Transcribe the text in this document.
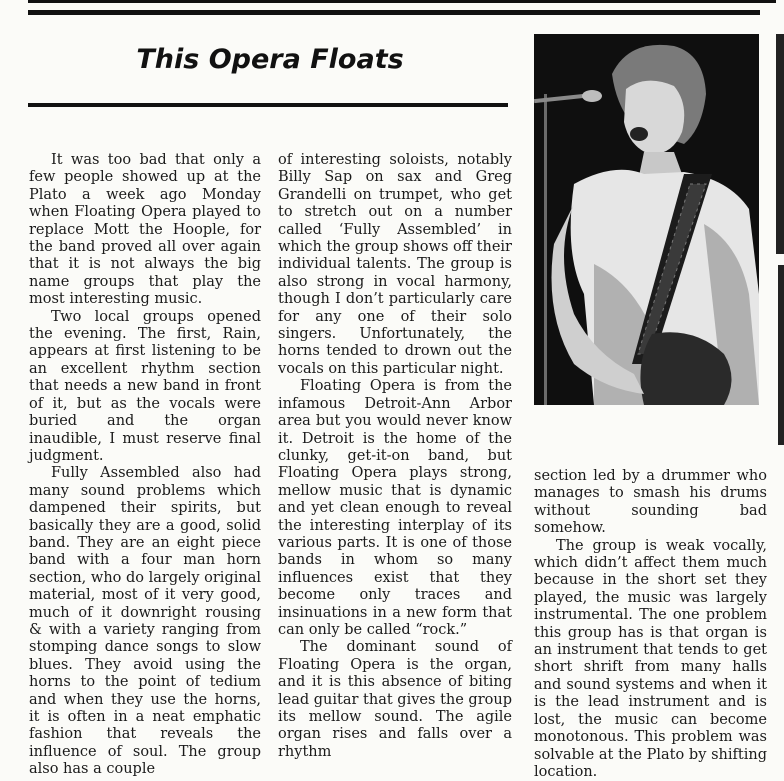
This Opera Floats

It was too bad that only a few people showed up at the Plato a week ago Monday when Floating Opera played to replace Mott the Hoople, for the band proved all over again that it is not always the big name groups that play the most interesting music.

Two local groups opened the evening. The first, Rain, appears at first listening to be an excellent rhythm section that needs a new band in front of it, but as the vocals were buried and the organ inaudible, I must reserve final judgment.

Fully Assembled also had many sound problems which dampened their spirits, but basically they are a good, solid band. They are an eight piece band with a four man horn section, who do largely original material, most of it very good, much of it downright rousing & with a variety ranging from stomping dance songs to slow blues. They avoid using the horns to the point of tedium and when they use the horns, it is often in a neat emphatic fashion that reveals the influence of soul. The group also has a couple

of interesting soloists, notably Billy Sap on sax and Greg Grandelli on trumpet, who get to stretch out on a number called ‘Fully Assembled’ in which the group shows off their individual talents. The group is also strong in vocal harmony, though I don’t particularly care for any one of their solo singers. Unfortunately, the horns tended to drown out the vocals on this particular night.

Floating Opera is from the infamous Detroit-Ann Arbor area but you would never know it. Detroit is the home of the clunky, get-it-on band, but Floating Opera plays strong, mellow music that is dynamic and yet clean enough to reveal the interesting interplay of its various parts. It is one of those bands in whom so many influences exist that they become only traces and insinuations in a new form that can only be called “rock.”

The dominant sound of Floating Opera is the organ, and it is this absence of biting lead guitar that gives the group its mellow sound. The agile organ rises and falls over a rhythm

section led by a drummer who manages to smash his drums without sounding bad somehow.

The group is weak vocally, which didn’t affect them much because in the short set they played, the music was largely instrumental. The one problem this group has is that organ is an instrument that tends to get short shrift from many halls and sound systems and when it is the lead instrument and is lost, the music can become monotonous. This problem was solvable at the Plato by shifting location.
